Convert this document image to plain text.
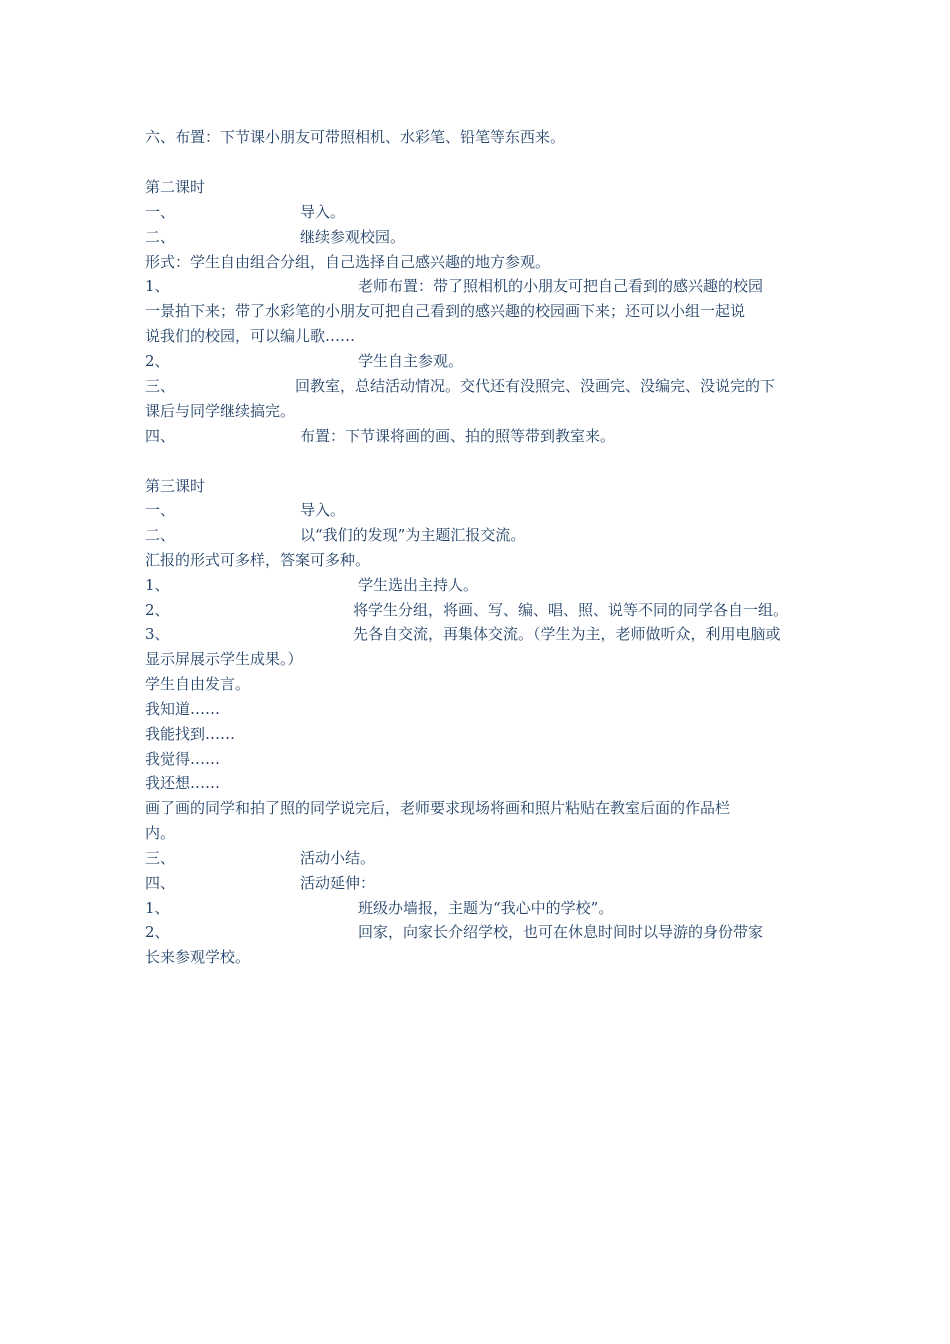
六、布置：下节课小朋友可带照相机、水彩笔、铅笔等东西来。
第二课时
一、	导入。
二、	继续参观校园。
形式：学生自由组合分组，自己选择自己感兴趣的地方参观。
1、	老师布置：带了照相机的小朋友可把自己看到的感兴趣的校园
一景拍下来；带了水彩笔的小朋友可把自己看到的感兴趣的校园画下来；还可以小组一起说
说我们的校园，可以编儿歌……
2、	学生自主参观。
三、	回教室，总结活动情况。交代还有没照完、没画完、没编完、没说完的下
课后与同学继续搞完。
四、	布置：下节课将画的画、拍的照等带到教室来。
第三课时
一、	导入。
二、	以“我们的发现”为主题汇报交流。
汇报的形式可多样，答案可多种。
1、	学生选出主持人。
2、	将学生分组，将画、写、编、唱、照、说等不同的同学各自一组。
3、	先各自交流，再集体交流。（学生为主，老师做听众，利用电脑或
显示屏展示学生成果。）
学生自由发言。
我知道……
我能找到……
我觉得……
我还想……
画了画的同学和拍了照的同学说完后，老师要求现场将画和照片粘贴在教室后面的作品栏
内。
三、	活动小结。
四、	活动延伸：
1、	班级办墙报，主题为“我心中的学校”。
2、	回家，向家长介绍学校，也可在休息时间时以导游的身份带家
长来参观学校。
